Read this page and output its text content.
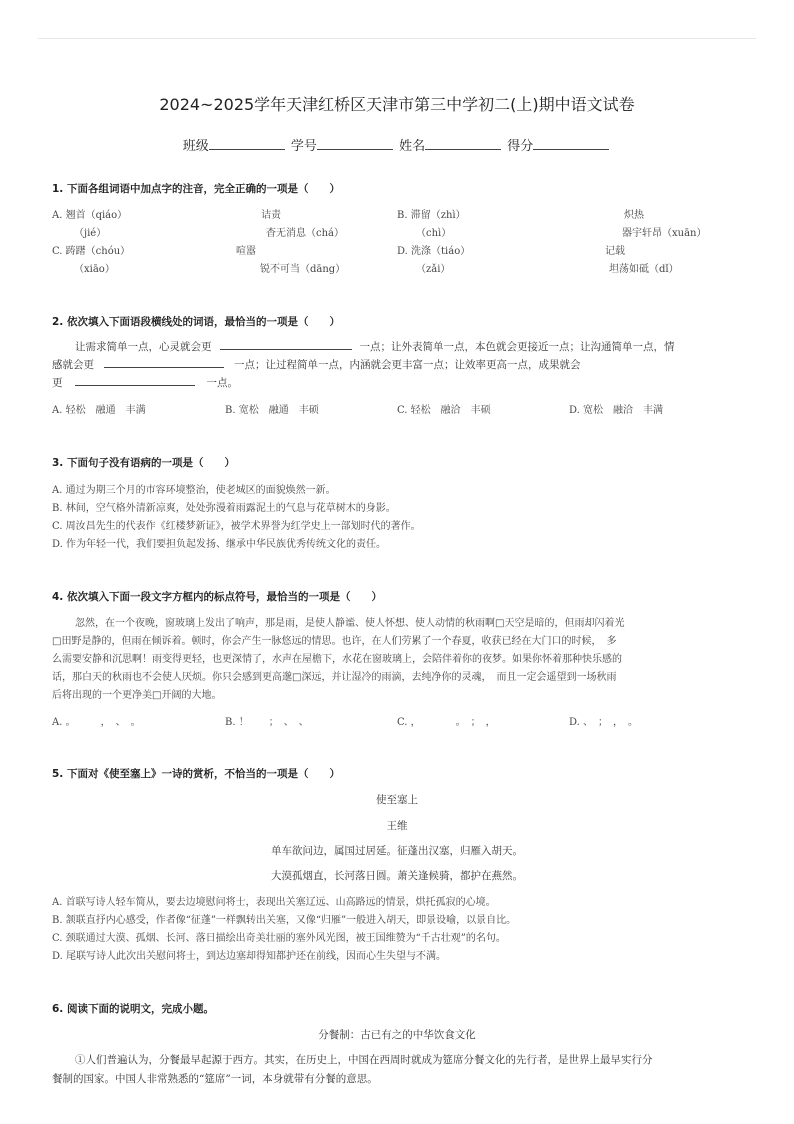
2024~2025学年天津红桥区天津市第三中学初二(上)期中语文试卷
班级	学号	姓名	得分
1. 下面各组词语中加点字的注音，完全正确的一项是（　　）
A. 翘首（qiáo）	诘责	B. 滞留（zhì）	炽热
（jié）	杳无消息（chá）	（chì）	器宇轩昂（xuān）
C. 踌躇（chóu）	喧嚣	D. 洗涤（tiáo）	记载
（xiāo）	锐不可当（dāng）	（zǎi）	坦荡如砥（dǐ）
2. 依次填入下面语段横线处的词语，最恰当的一项是（　　）
让需求简单一点，心灵就会更	一点；让外表简单一点，本色就会更接近一点；让沟通简单一点，情
感就会更	一点；让过程简单一点，内涵就会更丰富一点；让效率更高一点，成果就会
更	一点。
A. 轻松　融通　丰满	B. 宽松　融通　丰硕	C. 轻松　融洽　丰硕	D. 宽松　融洽　丰满
3. 下面句子没有语病的一项是（　　）
A. 通过为期三个月的市容环境整治，使老城区的面貌焕然一新。
B. 林间，空气格外清新凉爽，处处弥漫着雨露泥土的气息与花草树木的身影。
C. 周汝昌先生的代表作《红楼梦新证》，被学术界誉为红学史上一部划时代的著作。
D. 作为年轻一代，我们要担负起发扬、继承中华民族优秀传统文化的责任。
4. 依次填入下面一段文字方框内的标点符号，最恰当的一项是（　　）
忽然，在一个夜晚，窗玻璃上发出了响声，那是雨，是使人静谧、使人怀想、使人动情的秋雨啊□天空是暗的，但雨却闪着光
□田野是静的，但雨在倾诉着。顿时，你会产生一脉悠远的情思。也许，在人们劳累了一个春夏，收获已经在大门口的时候，　多
么需要安静和沉思啊！雨变得更轻，也更深情了，水声在屋檐下，水花在窗玻璃上，会陪伴着你的夜梦。如果你怀着那种快乐感的
话，那白天的秋雨也不会使人厌烦。你只会感到更高邈□深远，并让湿冷的雨滴，去纯净你的灵魂，　而且一定会遥望到一场秋雨
后将出现的一个更净美□开阔的大地。
A. 。　　　，　、　。	B. ！　　；　、　、	C. ，　　　　。　；　，	D. 、　；　，　。
5. 下面对《使至塞上》一诗的赏析，不恰当的一项是（　　）
使至塞上
王维
单车欲问边，属国过居延。征蓬出汉塞，归雁入胡天。
大漠孤烟直，长河落日圆。萧关逢候骑，都护在燕然。
A. 首联写诗人轻车简从，要去边境慰问将士，表现出关塞辽远、山高路远的情景，烘托孤寂的心境。
B. 颔联直抒内心感受，作者像“征蓬”一样飘转出关塞，又像“归雁”一般进入胡天，即景设喻，以景自比。
C. 颈联通过大漠、孤烟、长河、落日描绘出奇美壮丽的塞外风光图，被王国维赞为“千古壮观”的名句。
D. 尾联写诗人此次出关慰问将士，到达边塞却得知都护还在前线，因而心生失望与不满。
6. 阅读下面的说明文，完成小题。
分餐制：古已有之的中华饮食文化
①人们普遍认为，分餐最早起源于西方。其实，在历史上，中国在西周时就成为筵席分餐文化的先行者，是世界上最早实行分
餐制的国家。中国人非常熟悉的“筵席”一词，本身就带有分餐的意思。
